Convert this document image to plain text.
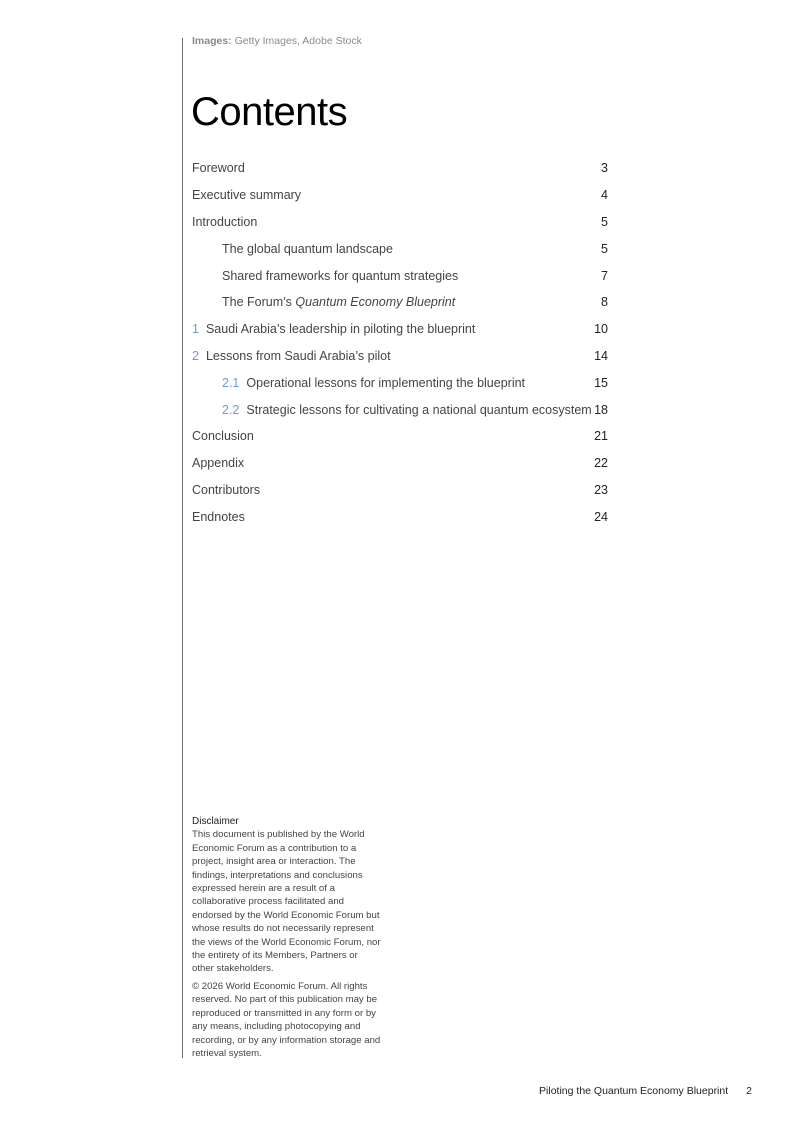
Images: Getty Images, Adobe Stock
Contents
Foreword	3
Executive summary	4
Introduction	5
The global quantum landscape	5
Shared frameworks for quantum strategies	7
The Forum’s Quantum Economy Blueprint	8
1 Saudi Arabia’s leadership in piloting the blueprint	10
2 Lessons from Saudi Arabia’s pilot	14
2.1 Operational lessons for implementing the blueprint	15
2.2 Strategic lessons for cultivating a national quantum ecosystem 18
Conclusion	21
Appendix	22
Contributors	23
Endnotes	24
Disclaimer

This document is published by the World Economic Forum as a contribution to a project, insight area or interaction. The findings, interpretations and conclusions expressed herein are a result of a collaborative process facilitated and endorsed by the World Economic Forum but whose results do not necessarily represent the views of the World Economic Forum, nor the entirety of its Members, Partners or other stakeholders.

© 2026 World Economic Forum. All rights reserved. No part of this publication may be reproduced or transmitted in any form or by any means, including photocopying and recording, or by any information storage and retrieval system.

Piloting the Quantum Economy Blueprint 2
